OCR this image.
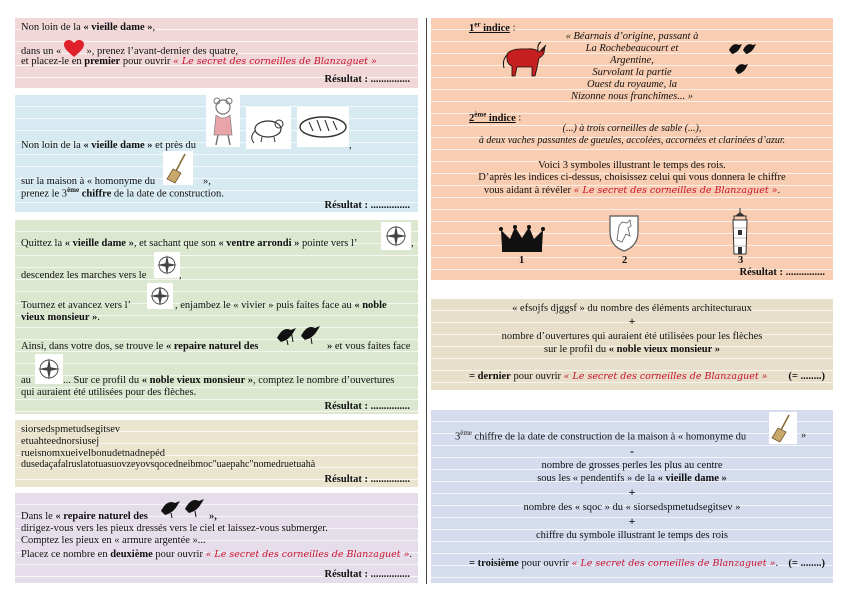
Non loin de la « vieille dame »,
dans un « », prenez l’avant-dernier des quatre,
et placez-le en premier pour ouvrir « Le secret des corneilles de Blanzaguet »
Résultat : ...............
Non loin de la « vieille dame » et près du	,
sur la maison à « homonyme du	»,
prenez le 3ème chiffre de la date de construction.
Résultat : ...............
Quittez la « vieille dame », et sachant que son « ventre arrondi » pointe vers l’	,
descendez les marches vers le	,
Tournez et avancez vers l’	, enjambez le « vivier » puis faites face au « noble
vieux monsieur ».
Ainsi, dans votre dos, se trouve le « repaire naturel des	» et vous faites face
au	... Sur ce profil du « noble vieux monsieur », comptez le nombre d’ouvertures
qui auraient été utilisées pour des flèches.
Résultat : ...............
siorsedspmetudsegitsev
etuahteednorsiusej
rueisnomxueivelbonudetnadnepéd
dusedaçafalruslatotuasuovzeyovsqocedneibmoc"uaepahc"nomedruetuahà
Résultat : ...............
Dans le « repaire naturel des	»,
dirigez-vous vers les pieux dressés vers le ciel et laissez-vous submerger.
Comptez les pieux en « armure argentée »...
Placez ce nombre en deuxième pour ouvrir « Le secret des corneilles de Blanzaguet ».
Résultat : ...............
1er indice :
« Béarnais d’origine, passant à
La Rochebeaucourt et
Argentine,
Survolant la partie
Ouest du royaume, la
Nizonne nous franchîmes... »
2ème indice :
(...) à trois corneilles de sable (...),
à deux vaches passantes de gueules, accolées, accornées et clarinées d’azur.
Voici 3 symboles illustrant le temps des rois.
D’après les indices ci-dessus, choisissez celui qui vous donnera le chiffre
vous aidant à révéler « Le secret des corneilles de Blanzaguet ».
1	2	3
Résultat : ...............
« efsojfs djggsf » du nombre des éléments architecturaux
+
nombre d’ouvertures qui auraient été utilisées pour les flèches
sur le profil du « noble vieux monsieur »
= dernier pour ouvrir « Le secret des corneilles de Blanzaguet » (= ........)
3ème chiffre de la date de construction de la maison à « homonyme du	»
-
nombre de grosses perles les plus au centre
sous les « pendentifs » de la « vieille dame »
+
nombre des « sqoc » du « siorsedspmetudsegitsev »
+
chiffre du symbole illustrant le temps des rois
= troisième pour ouvrir « Le secret des corneilles de Blanzaguet ». (= ........)
